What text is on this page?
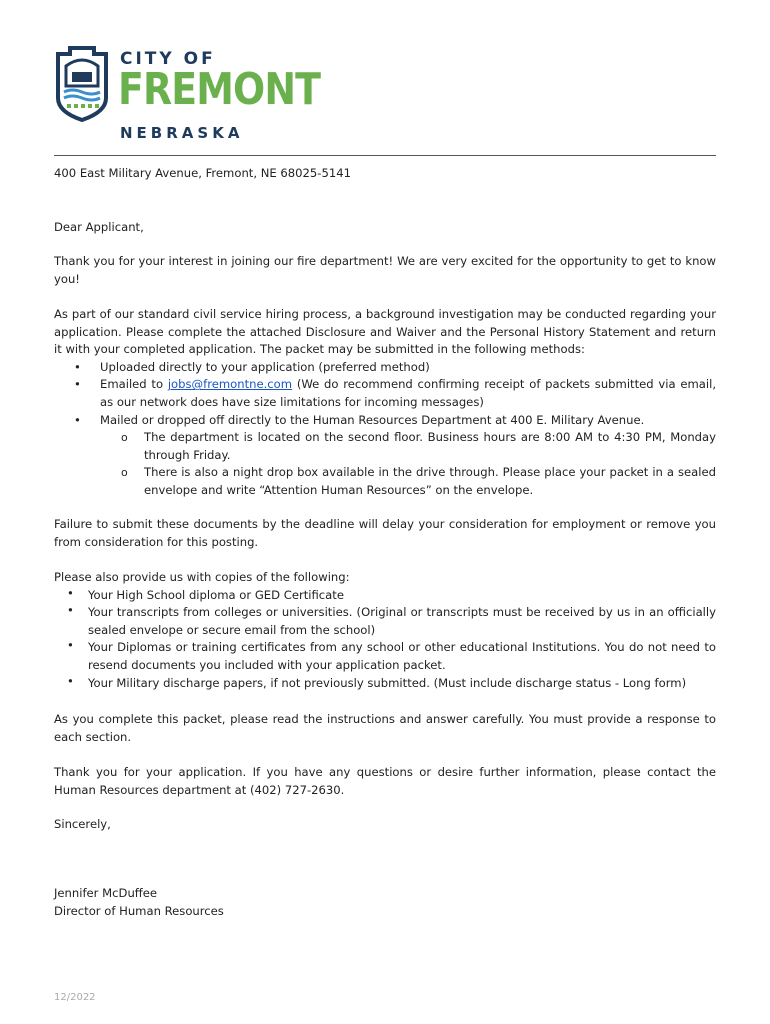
CITY OF
FREMONT
NEBRASKA
400 East Military Avenue, Fremont, NE 68025-5141
Dear Applicant,

Thank you for your interest in joining our fire department! We are very excited for the opportunity to get to know you!

As part of our standard civil service hiring process, a background investigation may be conducted regarding your application. Please complete the attached Disclosure and Waiver and the Personal History Statement and return it with your completed application. The packet may be submitted in the following methods:

• Uploaded directly to your application (preferred method)
• Emailed to jobs@fremontne.com (We do recommend confirming receipt of packets submitted via email, as our network does have size limitations for incoming messages)
• Mailed or dropped off directly to the Human Resources Department at 400 E. Military Avenue.
o The department is located on the second floor. Business hours are 8:00 AM to 4:30 PM, Monday through Friday.
o There is also a night drop box available in the drive through. Please place your packet in a sealed envelope and write “Attention Human Resources” on the envelope.

Failure to submit these documents by the deadline will delay your consideration for employment or remove you from consideration for this posting.

Please also provide us with copies of the following:

• Your High School diploma or GED Certificate
• Your transcripts from colleges or universities. (Original or transcripts must be received by us in an officially sealed envelope or secure email from the school)
• Your Diplomas or training certificates from any school or other educational Institutions. You do not need to resend documents you included with your application packet.
• Your Military discharge papers, if not previously submitted. (Must include discharge status - Long form)

As you complete this packet, please read the instructions and answer carefully. You must provide a response to each section.

Thank you for your application. If you have any questions or desire further information, please contact the Human Resources department at (402) 727-2630.

Sincerely,
Jennifer McDuffee
Director of Human Resources
12/2022
